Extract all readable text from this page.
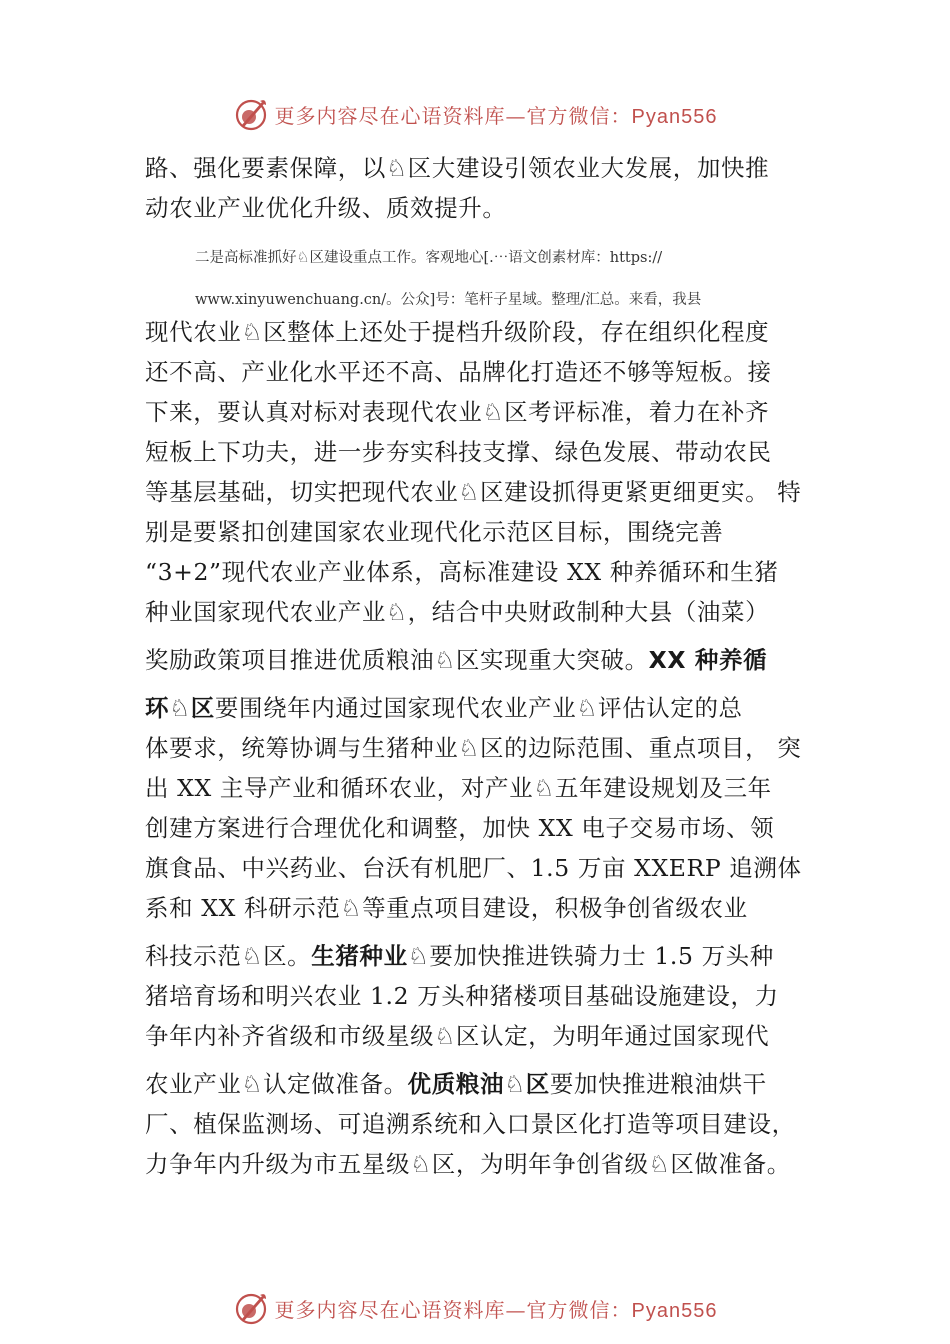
更多内容尽在心语资料库—官方微信：Pyan556
路、强化要素保障，以♘区大建设引领农业大发展，加快推
动农业产业优化升级、质效提升。
二是高标准抓好♘区建设重点工作。客观地心[.⋯语文创素材库：https://
www.xinyuwenchuang.cn/。公众]号：笔杆子星域。整理/汇总。来看，我县
现代农业♘区整体上还处于提档升级阶段，存在组织化程度
还不高、产业化水平还不高、品牌化打造还不够等短板。接
下来，要认真对标对表现代农业♘区考评标准，着力在补齐
短板上下功夫，进一步夯实科技支撑、绿色发展、带动农民
等基层基础，切实把现代农业♘区建设抓得更紧更细更实。 特
别是要紧扣创建国家农业现代化示范区目标，围绕完善
“3+2”现代农业产业体系，高标准建设 XX 种养循环和生猪
种业国家现代农业产业♘，结合中央财政制种大县（油菜）
奖励政策项目推进优质粮油♘区实现重大突破。XX 种养循
环♘区要围绕年内通过国家现代农业产业♘评估认定的总
体要求，统筹协调与生猪种业♘区的边际范围、重点项目， 突
出 XX 主导产业和循环农业，对产业♘五年建设规划及三年
创建方案进行合理优化和调整，加快 XX 电子交易市场、领
旗食品、中兴药业、台沃有机肥厂、1.5 万亩 XXERP 追溯体
系和 XX 科研示范♘等重点项目建设，积极争创省级农业
科技示范♘区。生猪种业♘要加快推进铁骑力士 1.5 万头种
猪培育场和明兴农业 1.2 万头种猪楼项目基础设施建设，力
争年内补齐省级和市级星级♘区认定，为明年通过国家现代
农业产业♘认定做准备。优质粮油♘区要加快推进粮油烘干
厂、植保监测场、可追溯系统和入口景区化打造等项目建设，
力争年内升级为市五星级♘区，为明年争创省级♘区做准备。
更多内容尽在心语资料库—官方微信：Pyan556
